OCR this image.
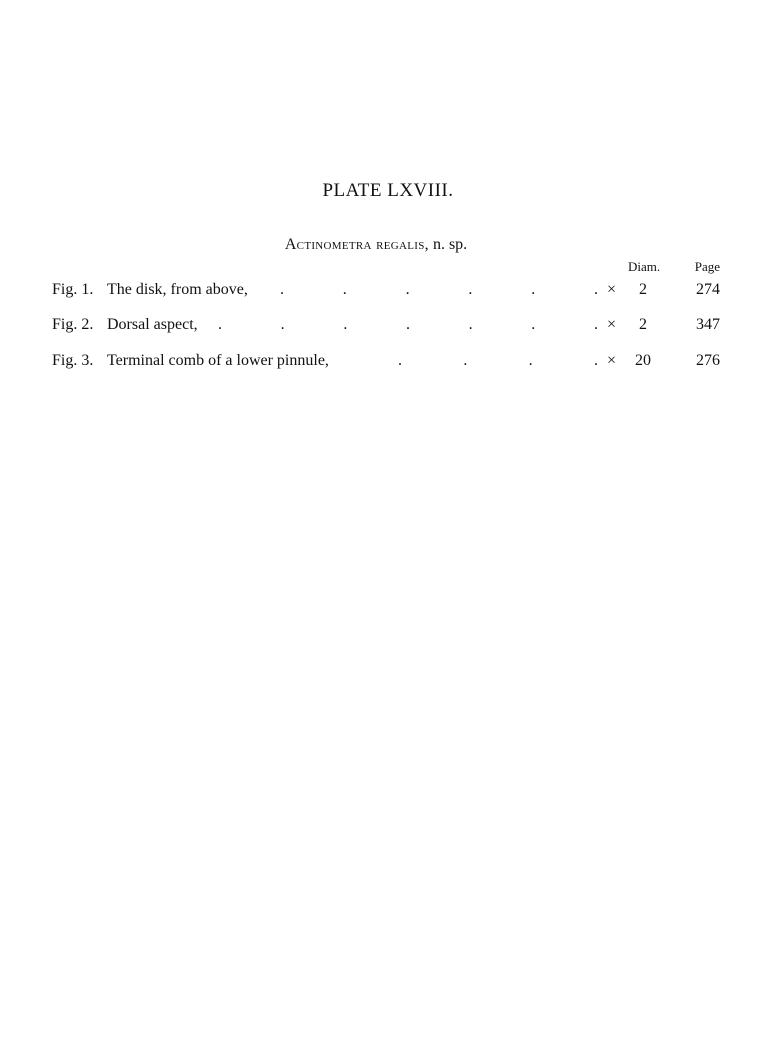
PLATE LXVIII.
Actinometra regalis, n. sp.
Diam.	Page
Fig. 1. The disk, from above, .	.	.	.	.	. ×	2	274
Fig. 2. Dorsal aspect, .	.	.	.	.	.	. ×	2	347
Fig. 3. Terminal comb of a lower pinnule,	.	.	.	. ×	20	276
